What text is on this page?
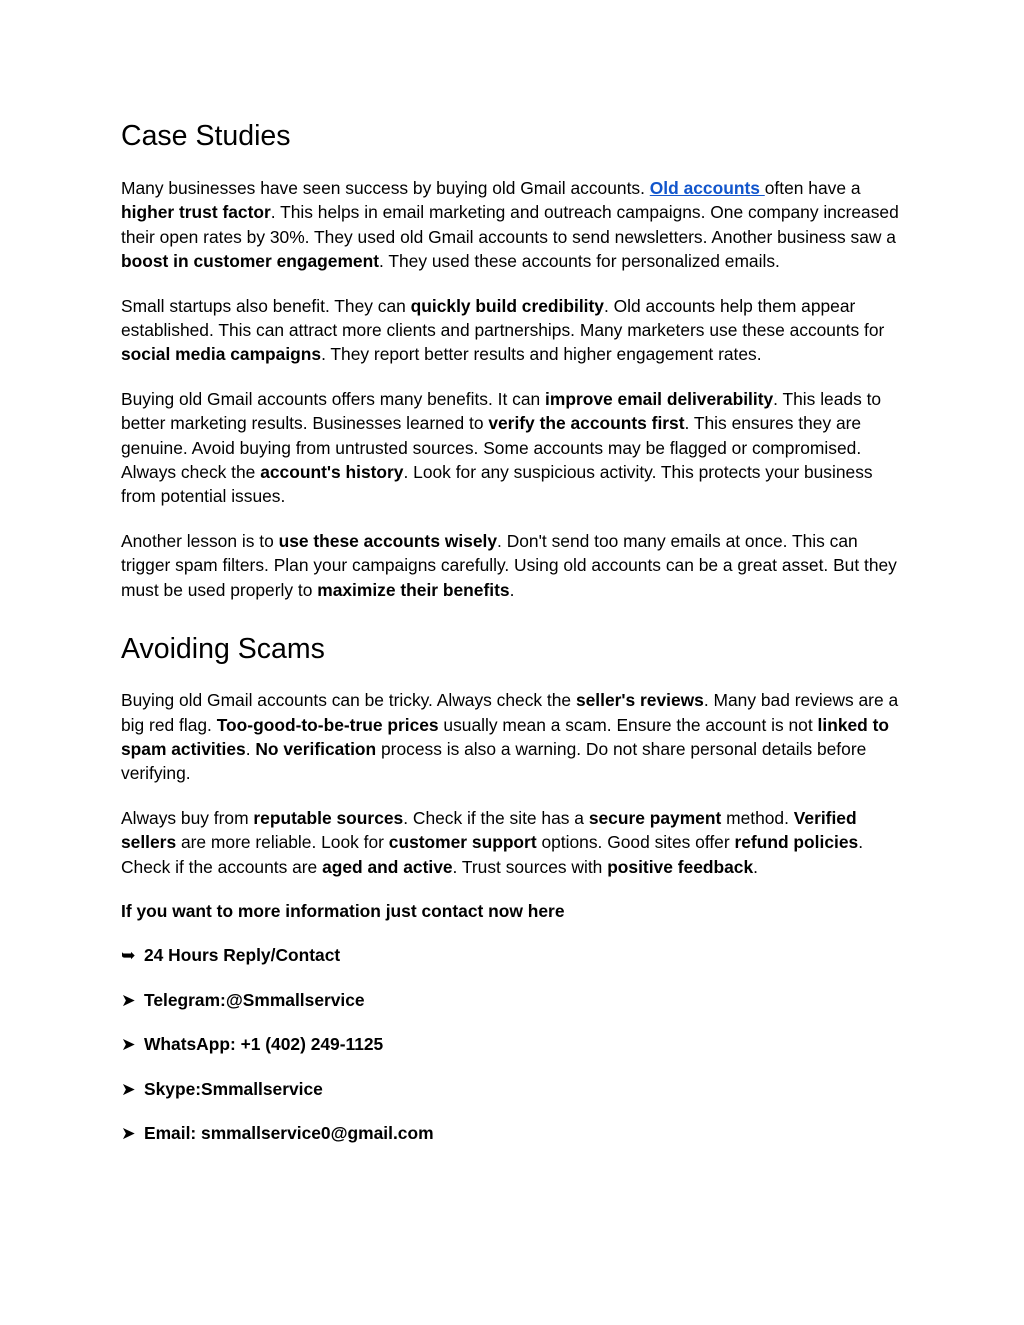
Case Studies

Many businesses have seen success by buying old Gmail accounts. Old accounts often have a higher trust factor. This helps in email marketing and outreach campaigns. One company increased their open rates by 30%. They used old Gmail accounts to send newsletters. Another business saw a boost in customer engagement. They used these accounts for personalized emails.

Small startups also benefit. They can quickly build credibility. Old accounts help them appear established. This can attract more clients and partnerships. Many marketers use these accounts for social media campaigns. They report better results and higher engagement rates.

Buying old Gmail accounts offers many benefits. It can improve email deliverability. This leads to better marketing results. Businesses learned to verify the accounts first. This ensures they are genuine. Avoid buying from untrusted sources. Some accounts may be flagged or compromised. Always check the account's history. Look for any suspicious activity. This protects your business from potential issues.

Another lesson is to use these accounts wisely. Don't send too many emails at once. This can trigger spam filters. Plan your campaigns carefully. Using old accounts can be a great asset. But they must be used properly to maximize their benefits.

Avoiding Scams

Buying old Gmail accounts can be tricky. Always check the seller's reviews. Many bad reviews are a big red flag. Too-good-to-be-true prices usually mean a scam. Ensure the account is not linked to spam activities. No verification process is also a warning. Do not share personal details before verifying.

Always buy from reputable sources. Check if the site has a secure payment method. Verified sellers are more reliable. Look for customer support options. Good sites offer refund policies. Check if the accounts are aged and active. Trust sources with positive feedback.

If you want to more information just contact now here

➥ 24 Hours Reply/Contact

➤ Telegram:@Smmallservice

➤ WhatsApp: +1 (402) 249-1125

➤ Skype:Smmallservice

➤ Email: smmallservice0@gmail.com
